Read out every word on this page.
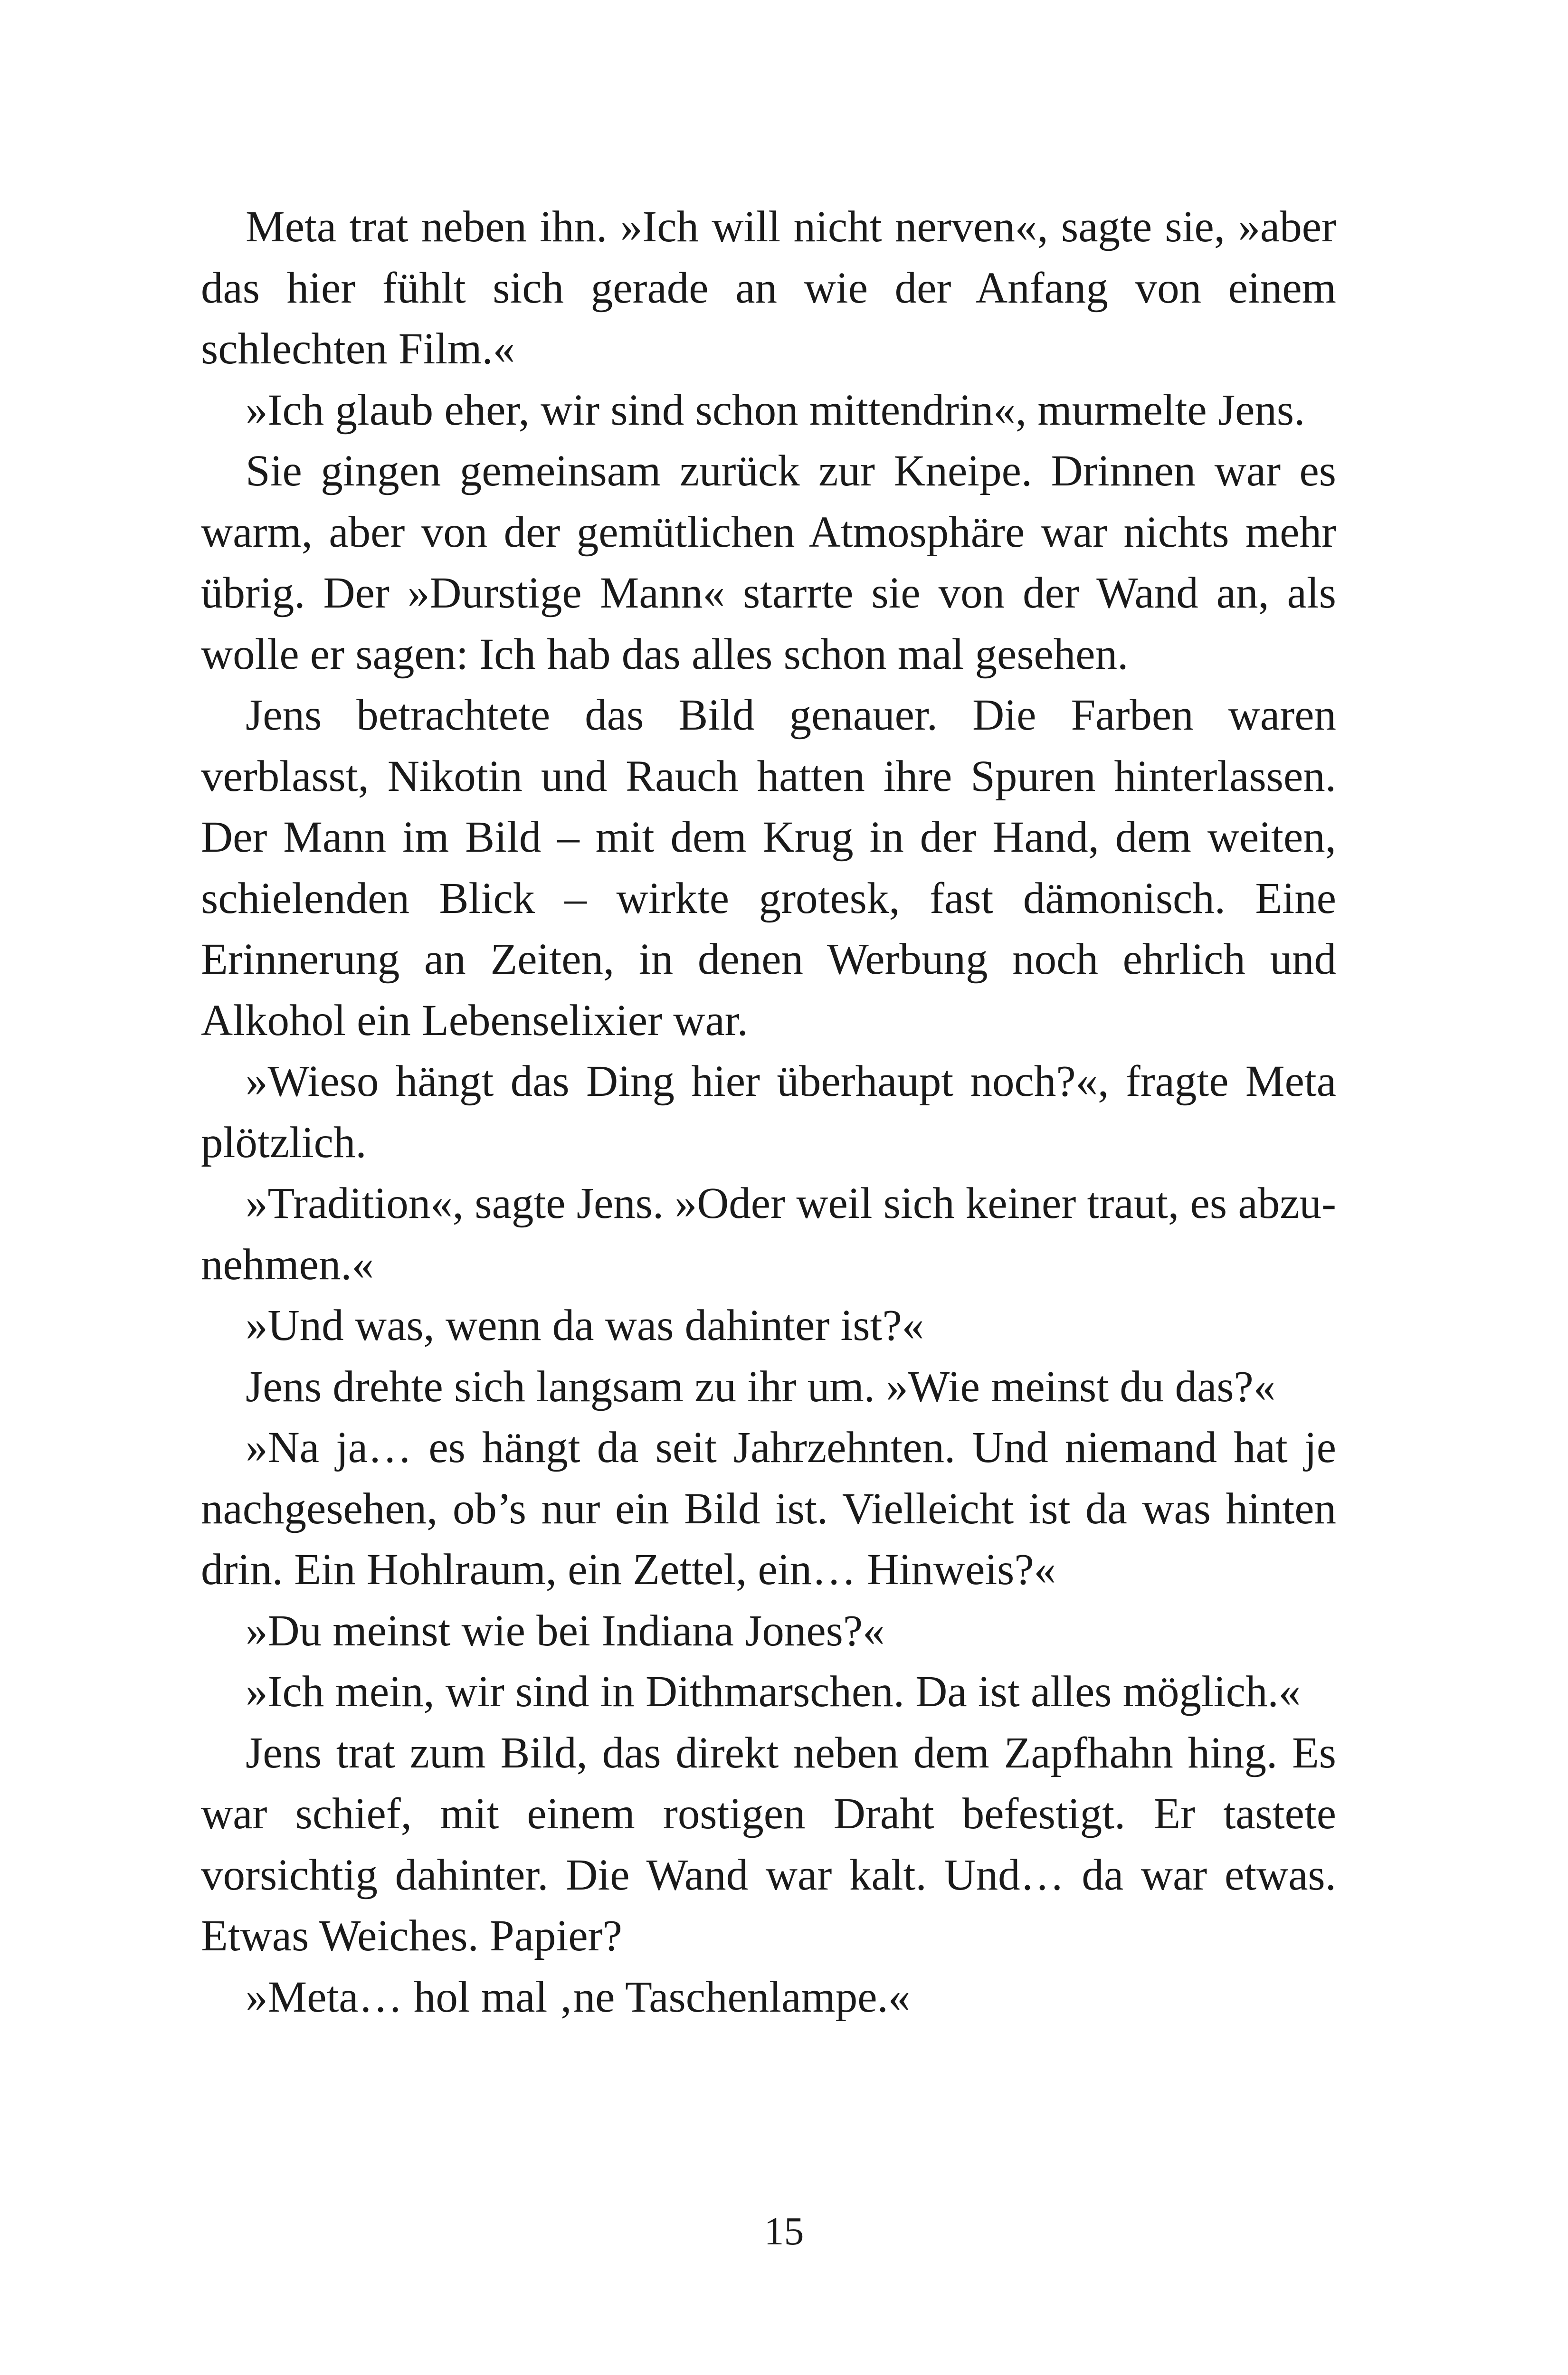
Meta trat neben ihn. »Ich will nicht nerven«, sagte sie, »aber das hier fühlt sich gerade an wie der Anfang von einem schlechten Film.«

»Ich glaub eher, wir sind schon mittendrin«, murmelte Jens.

Sie gingen gemeinsam zurück zur Kneipe. Drinnen war es warm, aber von der gemütlichen Atmosphäre war nichts mehr übrig. Der »Durstige Mann« starrte sie von der Wand an, als wolle er sagen: Ich hab das alles schon mal gesehen.

Jens betrachtete das Bild genauer. Die Farben waren verblasst, Nikotin und Rauch hatten ihre Spuren hinterlassen. Der Mann im Bild – mit dem Krug in der Hand, dem weiten, schielenden Blick – wirkte grotesk, fast dämonisch. Eine Erinnerung an Zeiten, in denen Werbung noch ehrlich und Alkohol ein Lebenselixier war.

»Wieso hängt das Ding hier überhaupt noch?«, fragte Meta plötzlich.

»Tradition«, sagte Jens. »Oder weil sich keiner traut, es abzunehmen.«

»Und was, wenn da was dahinter ist?«

Jens drehte sich langsam zu ihr um. »Wie meinst du das?«

»Na ja… es hängt da seit Jahrzehnten. Und niemand hat je nachgesehen, ob’s nur ein Bild ist. Vielleicht ist da was hinten drin. Ein Hohlraum, ein Zettel, ein… Hinweis?«

»Du meinst wie bei Indiana Jones?«

»Ich mein, wir sind in Dithmarschen. Da ist alles möglich.«

Jens trat zum Bild, das direkt neben dem Zapfhahn hing. Es war schief, mit einem rostigen Draht befestigt. Er tastete vorsichtig dahinter. Die Wand war kalt. Und… da war etwas. Etwas Weiches. Papier?

»Meta… hol mal ‚ne Taschenlampe.«

15
